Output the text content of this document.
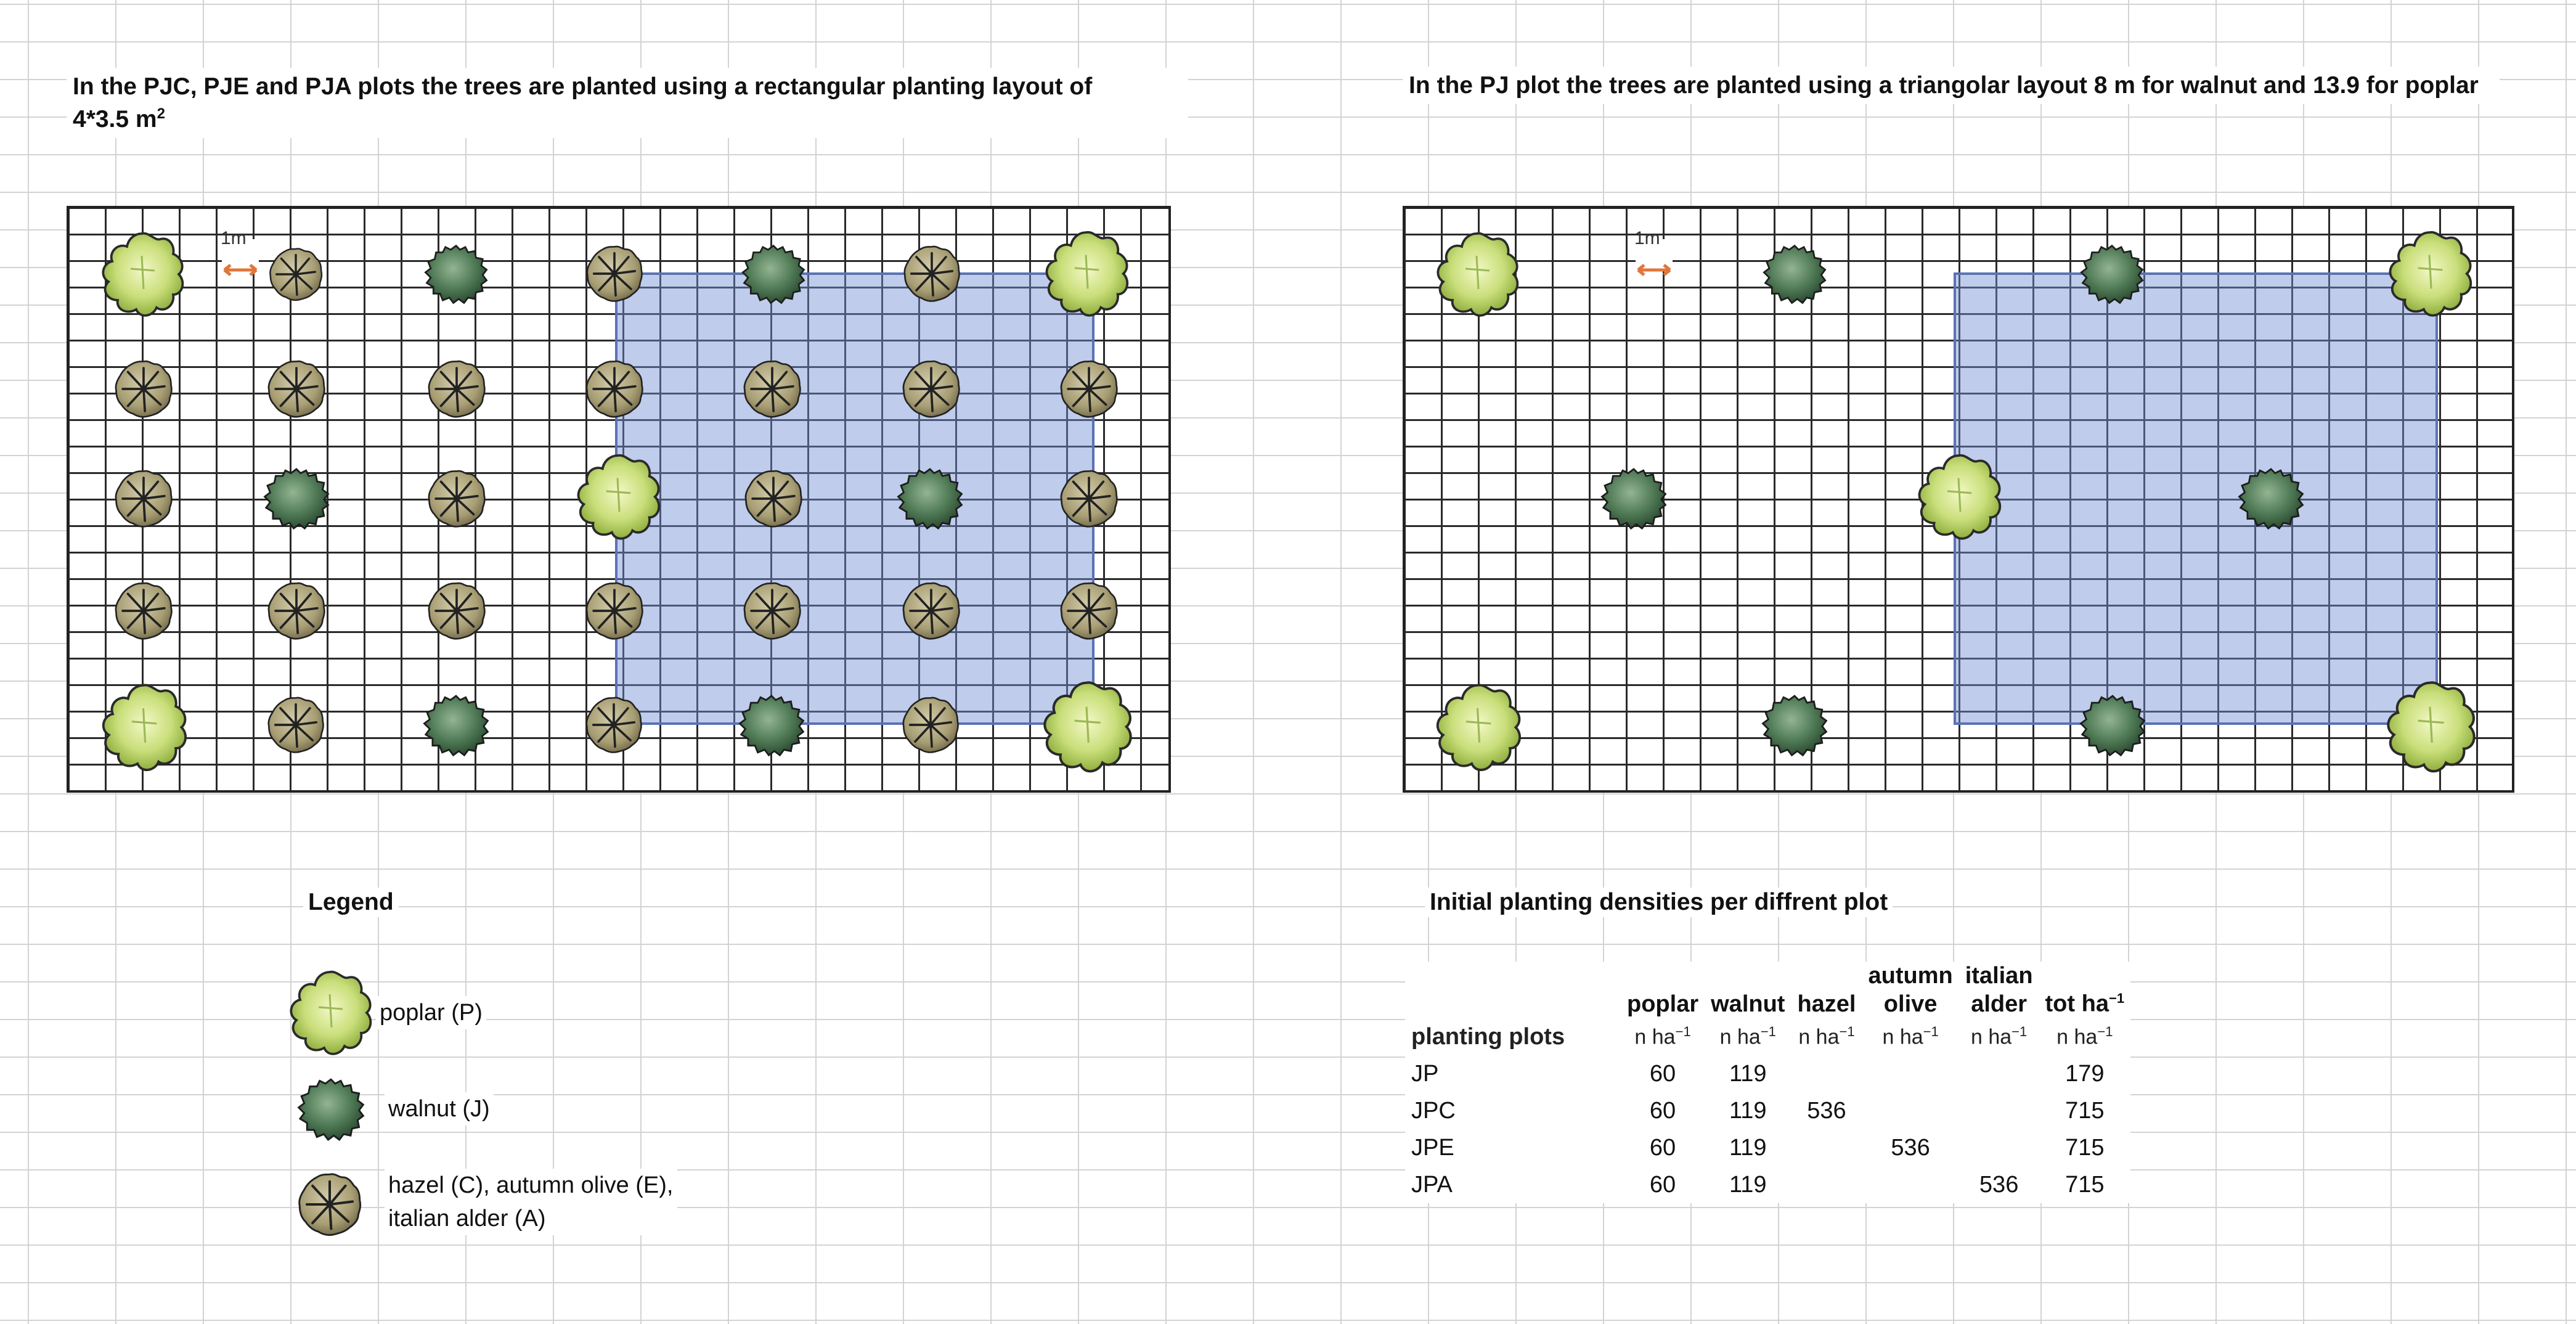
In the PJC, PJE and PJA plots the trees are planted using a rectangular planting layout of
4*3.5 $m^2$
1m
In the PJ plot the trees are planted using a triangolar layout 8 m for walnut and 13.9 for poplar
1m
Legend
poplar (P)
walnut (J)
hazel (C), autumn olive (E),
italian alder (A)
Initial planting densities per diffrent plot
	poplar	walnut	hazel	autumn
olive	italian
alder	tot $ha^{-1}$
planting plots	n $ha^{-1}$	n $ha^{-1}$	n $ha^{-1}$	n $ha^{-1}$	n $ha^{-1}$	n $ha^{-1}$
JP	60	119				179
JPC	60	119	536			715
JPE	60	119		536		715
JPA	60	119			536	715
